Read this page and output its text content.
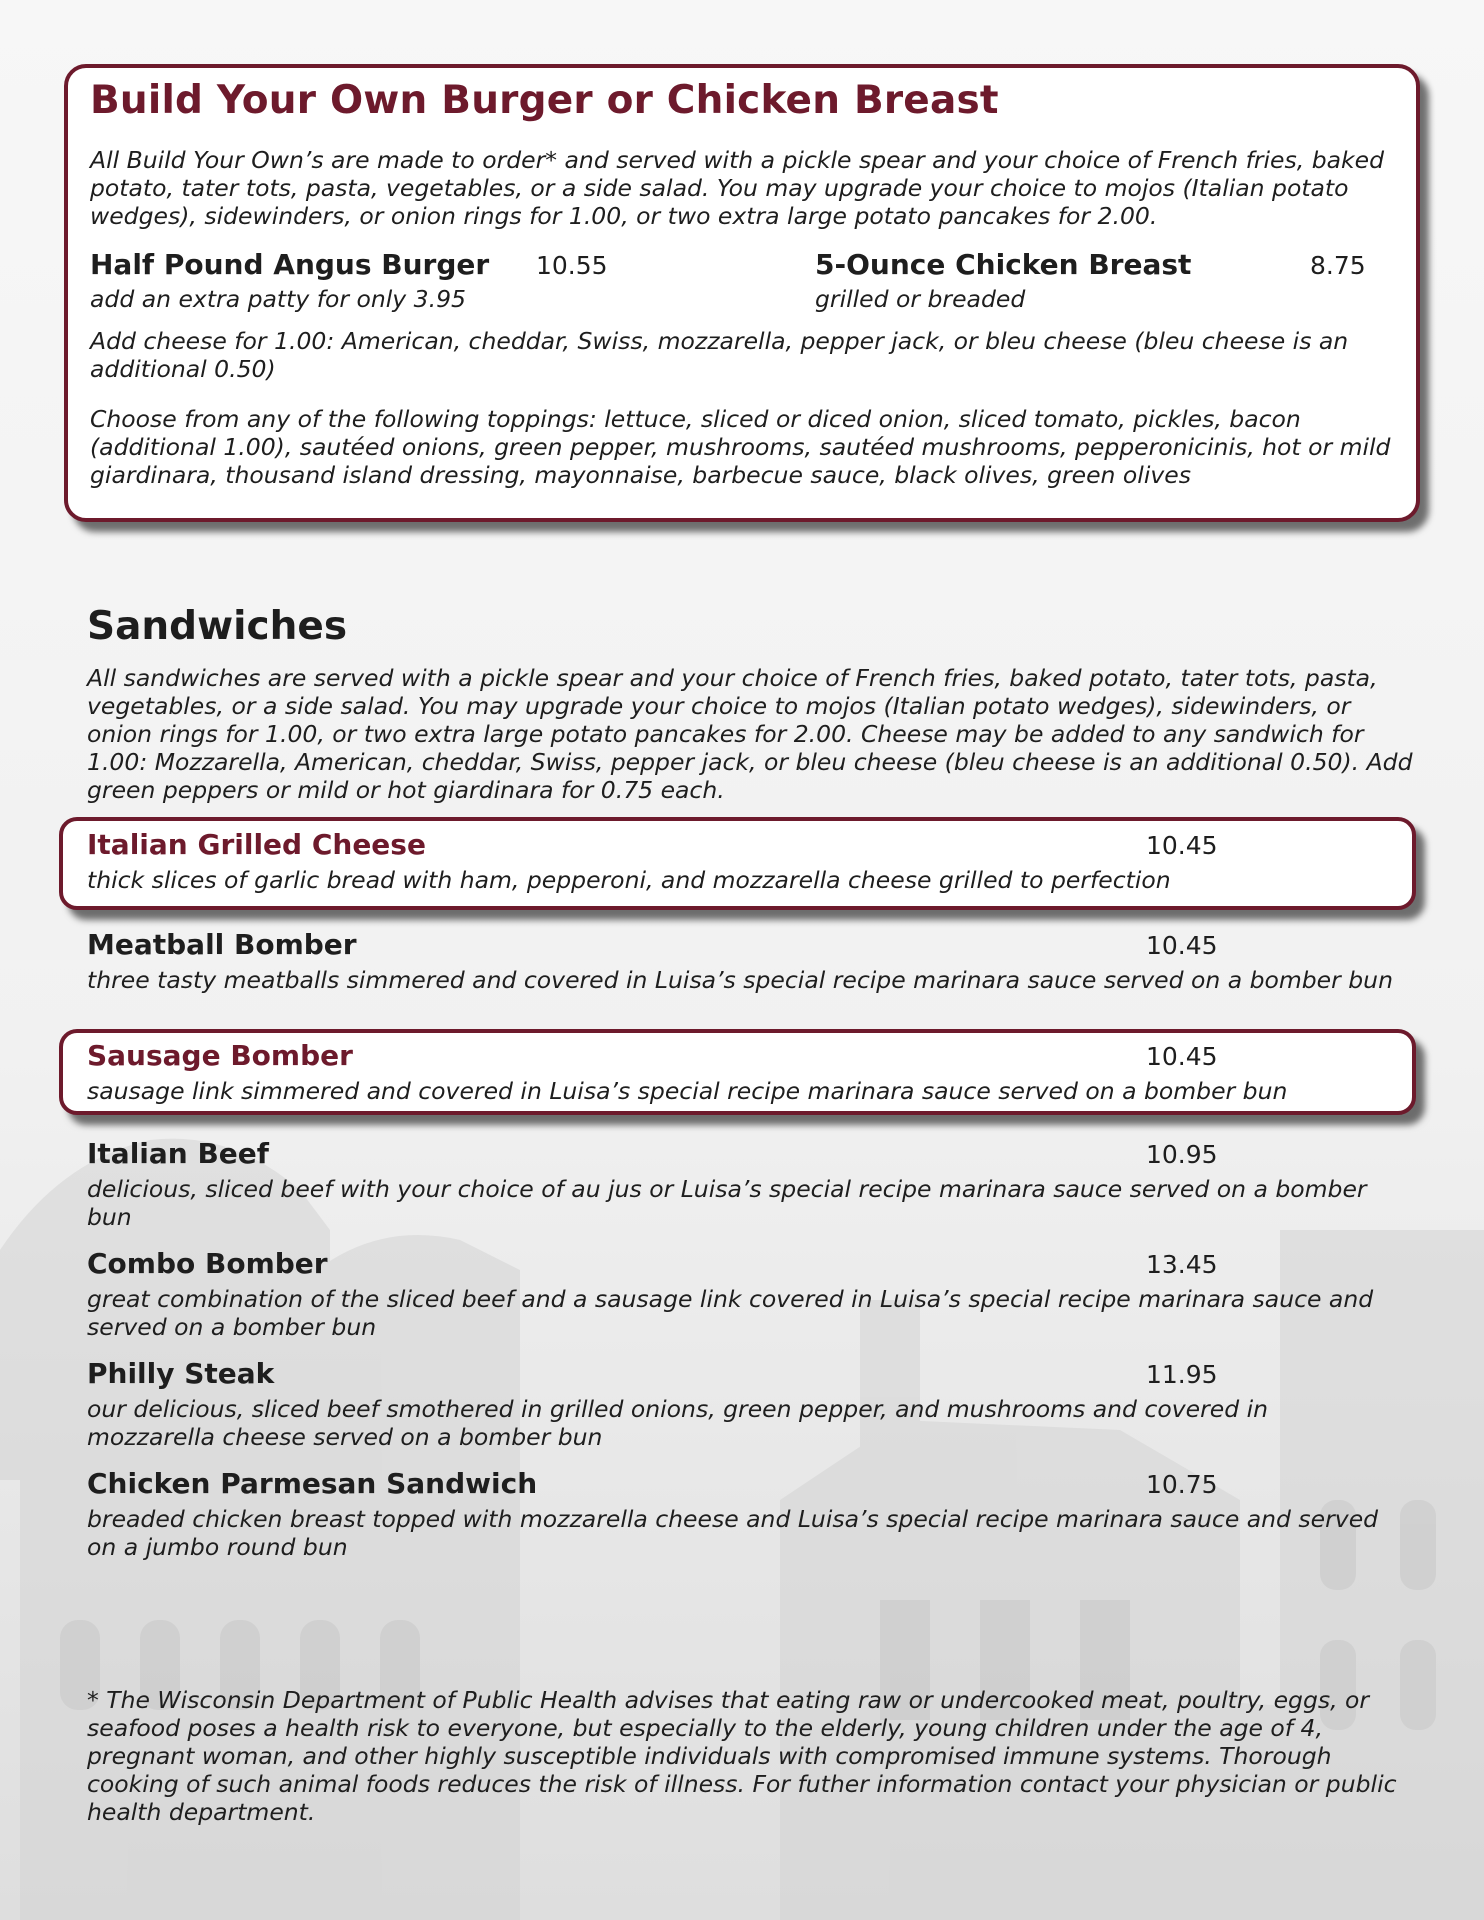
Build Your Own Burger or Chicken Breast

All Build Your Own’s are made to order* and served with a pickle spear and your choice of French fries, baked potato, tater tots, pasta, vegetables, or a side salad. You may upgrade your choice to mojos (Italian potato wedges), sidewinders, or onion rings for 1.00, or two extra large potato pancakes for 2.00.

Half Pound Angus Burger 10.55

add an extra patty for only 3.95

5-Ounce Chicken Breast	8.75

grilled or breaded

Add cheese for 1.00: American, cheddar, Swiss, mozzarella, pepper jack, or bleu cheese (bleu cheese is an additional 0.50)

Choose from any of the following toppings: lettuce, sliced or diced onion, sliced tomato, pickles, bacon (additional 1.00), sautéed onions, green pepper, mushrooms, sautéed mushrooms, pepperonicinis, hot or mild giardinara, thousand island dressing, mayonnaise, barbecue sauce, black olives, green olives

Sandwiches

All sandwiches are served with a pickle spear and your choice of French fries, baked potato, tater tots, pasta, vegetables, or a side salad. You may upgrade your choice to mojos (Italian potato wedges), sidewinders, or onion rings for 1.00, or two extra large potato pancakes for 2.00. Cheese may be added to any sandwich for 1.00: Mozzarella, American, cheddar, Swiss, pepper jack, or bleu cheese (bleu cheese is an additional 0.50). Add green peppers or mild or hot giardinara for 0.75 each.

Italian Grilled Cheese	10.45

thick slices of garlic bread with ham, pepperoni, and mozzarella cheese grilled to perfection

Meatball Bomber	10.45

three tasty meatballs simmered and covered in Luisa’s special recipe marinara sauce served on a bomber bun

Sausage Bomber	10.45

sausage link simmered and covered in Luisa’s special recipe marinara sauce served on a bomber bun

Italian Beef	10.95

delicious, sliced beef with your choice of au jus or Luisa’s special recipe marinara sauce served on a bomber bun

Combo Bomber	13.45

great combination of the sliced beef and a sausage link covered in Luisa’s special recipe marinara sauce and served on a bomber bun

Philly Steak	11.95

our delicious, sliced beef smothered in grilled onions, green pepper, and mushrooms and covered in mozzarella cheese served on a bomber bun

Chicken Parmesan Sandwich	10.75

breaded chicken breast topped with mozzarella cheese and Luisa’s special recipe marinara sauce and served on a jumbo round bun

* The Wisconsin Department of Public Health advises that eating raw or undercooked meat, poultry, eggs, or seafood poses a health risk to everyone, but especially to the elderly, young children under the age of 4, pregnant woman, and other highly susceptible individuals with compromised immune systems. Thorough cooking of such animal foods reduces the risk of illness. For futher information contact your physician or public health department.
